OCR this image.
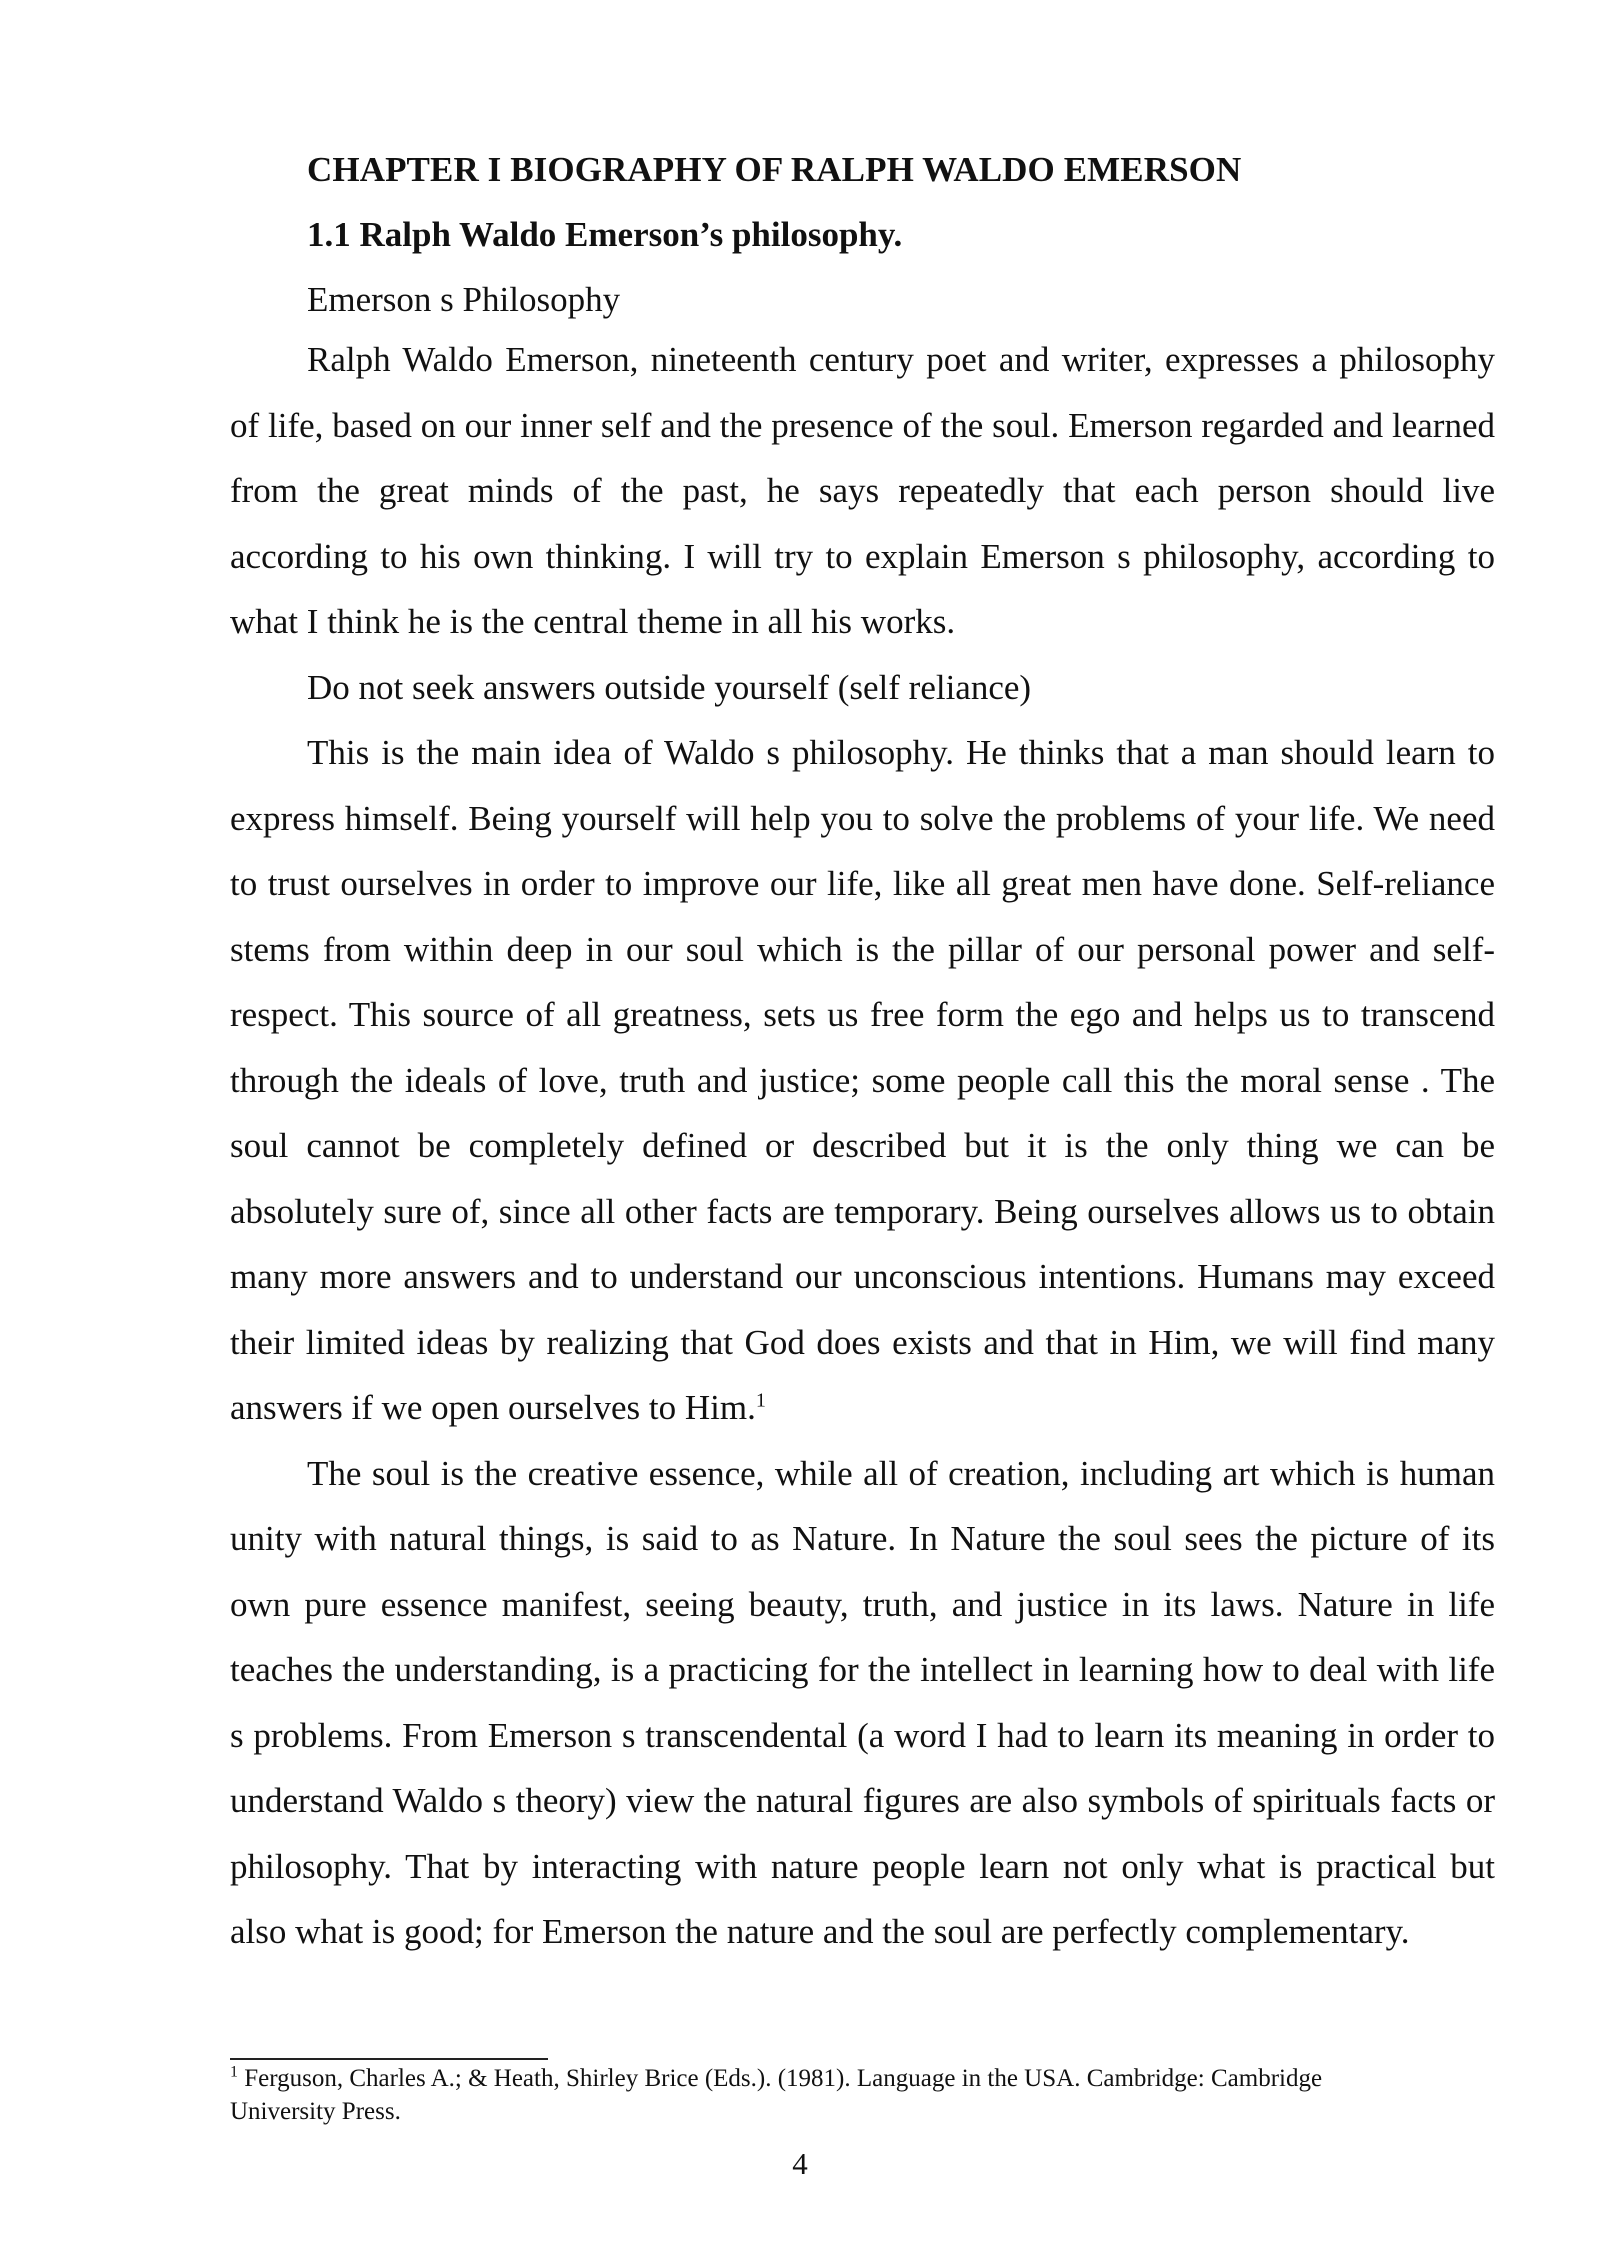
CHAPTER I BIOGRAPHY OF RALPH WALDO EMERSON
1.1 Ralph Waldo Emerson’s philosophy.

Emerson s Philosophy

Ralph Waldo Emerson, nineteenth century poet and writer, expresses a philosophy of life, based on our inner self and the presence of the soul. Emerson regarded and learned from the great minds of the past, he says repeatedly that each person should live according to his own thinking. I will try to explain Emerson s philosophy, according to what I think he is the central theme in all his works.

Do not seek answers outside yourself (self reliance)

This is the main idea of Waldo s philosophy. He thinks that a man should learn to express himself. Being yourself will help you to solve the problems of your life. We need to trust ourselves in order to improve our life, like all great men have done. Self-reliance stems from within deep in our soul which is the pillar of our personal power and self-respect. This source of all greatness, sets us free form the ego and helps us to transcend through the ideals of love, truth and justice; some people call this the moral sense . The soul cannot be completely defined or described but it is the only thing we can be absolutely sure of, since all other facts are temporary. Being ourselves allows us to obtain many more answers and to understand our unconscious intentions. Humans may exceed their limited ideas by realizing that God does exists and that in Him, we will find many answers if we open ourselves to Him.$^1$

The soul is the creative essence, while all of creation, including art which is human unity with natural things, is said to as Nature. In Nature the soul sees the picture of its own pure essence manifest, seeing beauty, truth, and justice in its laws. Nature in life teaches the understanding, is a practicing for the intellect in learning how to deal with life s problems. From Emerson s transcendental (a word I had to learn its meaning in order to understand Waldo s theory) view the natural figures are also symbols of spirituals facts or philosophy. That by interacting with nature people learn not only what is practical but also what is good; for Emerson the nature and the soul are perfectly complementary.

$^1$ Ferguson, Charles A.; & Heath, Shirley Brice (Eds.). (1981). Language in the USA. Cambridge: Cambridge University Press.
4
